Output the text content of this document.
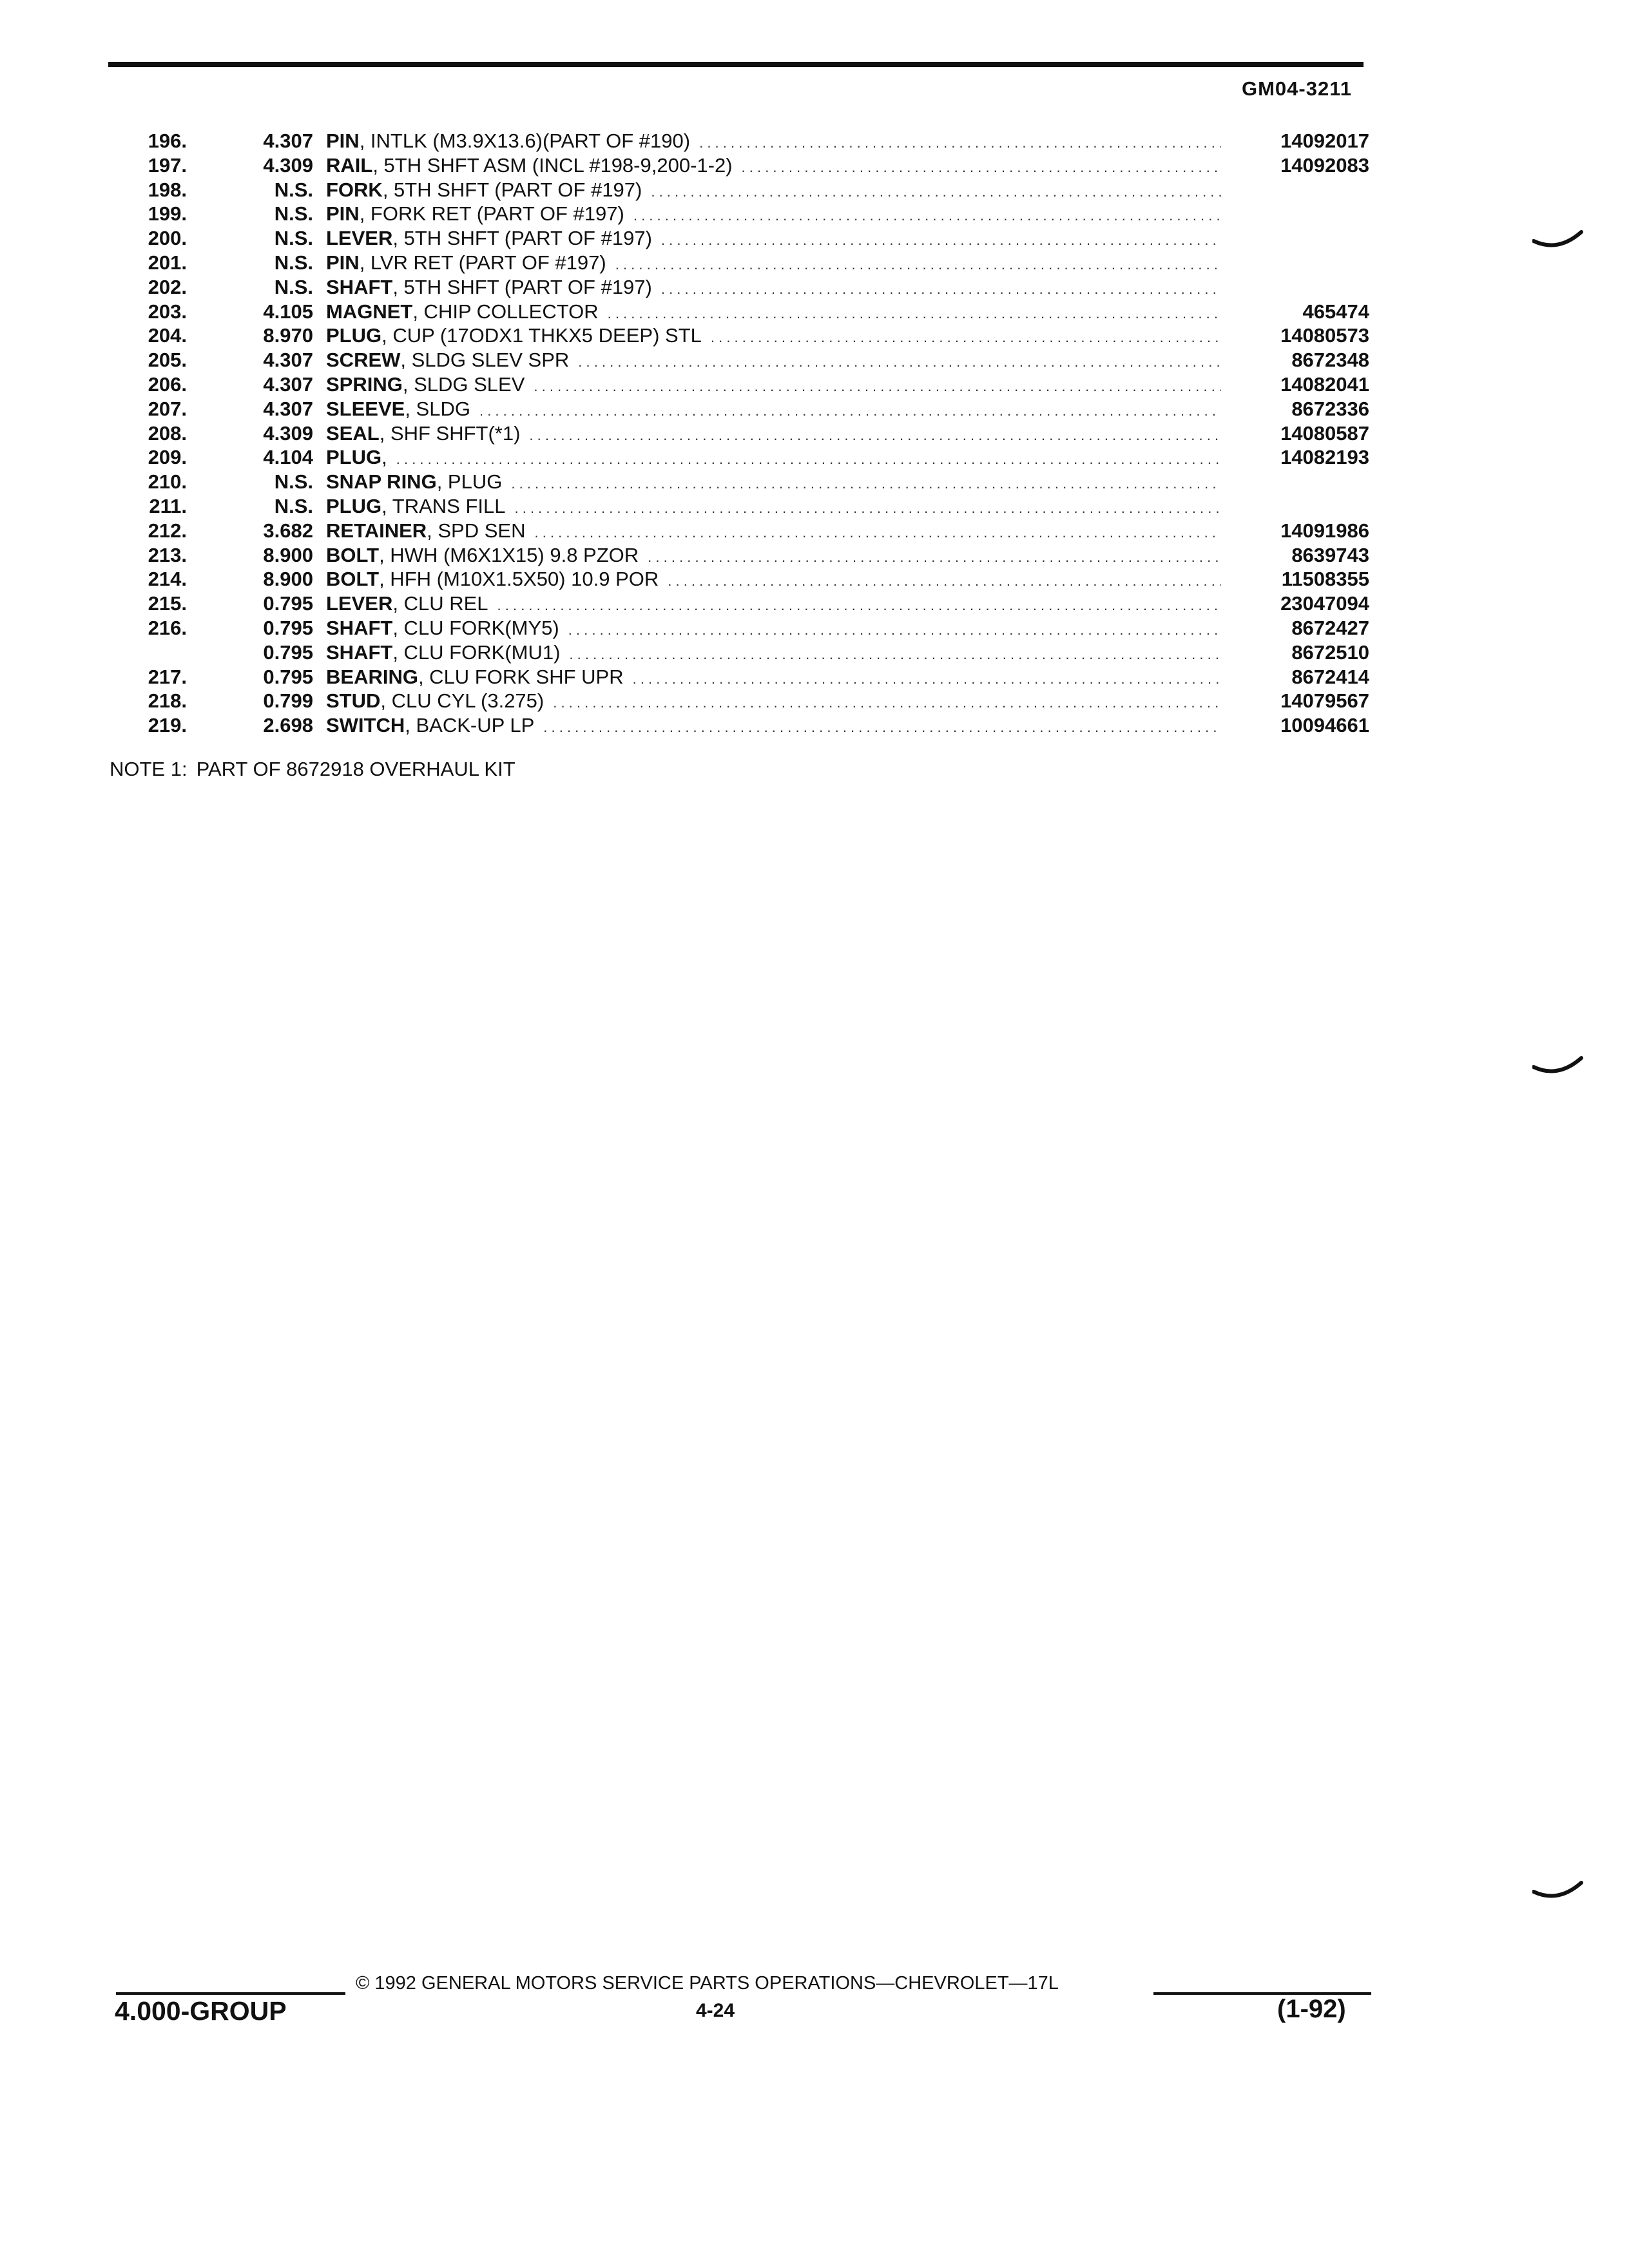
GM04-3211
196.	4.307 PIN , INTLK (M3.9X13.6)(PART OF #190) . . .	14092017
197.	4.309 RAIL , 5TH SHFT ASM (INCL #198-9,200-1-2) . . .	14092083
198.	N.S. FORK , 5TH SHFT (PART OF #197)
. . .
199.	N.S. PIN , FORK RET (PART OF #197)
. . .
200.	N.S. LEVER , 5TH SHFT (PART OF #197)
. . .
201.	N.S. PIN , LVR RET (PART OF #197)
. . .
202.	N.S. SHAFT , 5TH SHFT (PART OF #197)
. . .
203.	4.105 MAGNET , CHIP COLLECTOR . . .	465474
204.	8.970 PLUG , CUP (17ODX1 THKX5 DEEP) STL . . .	14080573
205.	4.307 SCREW , SLDG SLEV SPR . . .	8672348
206.	4.307 SPRING , SLDG SLEV . . .	14082041
207.	4.307 SLEEVE , SLDG . . .	8672336
208.	4.309 SEAL , SHF SHFT(*1) . . .	14080587
209.	4.104 PLUG , . . .	14082193
210.	N.S. SNAP RING , PLUG
. . .
211.	N.S. PLUG , TRANS FILL
. . .
212.	3.682 RETAINER , SPD SEN . . .	14091986
213.	8.900 BOLT , HWH (M6X1X15) 9.8 PZOR . . .	8639743
214.	8.900 BOLT , HFH (M10X1.5X50) 10.9 POR . . .	11508355
215.	0.795 LEVER , CLU REL . . .	23047094
216.	0.795 SHAFT , CLU FORK(MY5) . . .	8672427
0.795 SHAFT , CLU FORK(MU1) . . .	8672510
217.	0.795 BEARING , CLU FORK SHF UPR . . .	8672414
218.	0.799 STUD , CLU CYL (3.275) . . .	14079567
219.	2.698 SWITCH , BACK-UP LP . . .	10094661
NOTE 1: PART OF 8672918 OVERHAUL KIT
© 1992 GENERAL MOTORS SERVICE PARTS OPERATIONS—CHEVROLET—17L
4.000-GROUP	4-24	(1-92)
